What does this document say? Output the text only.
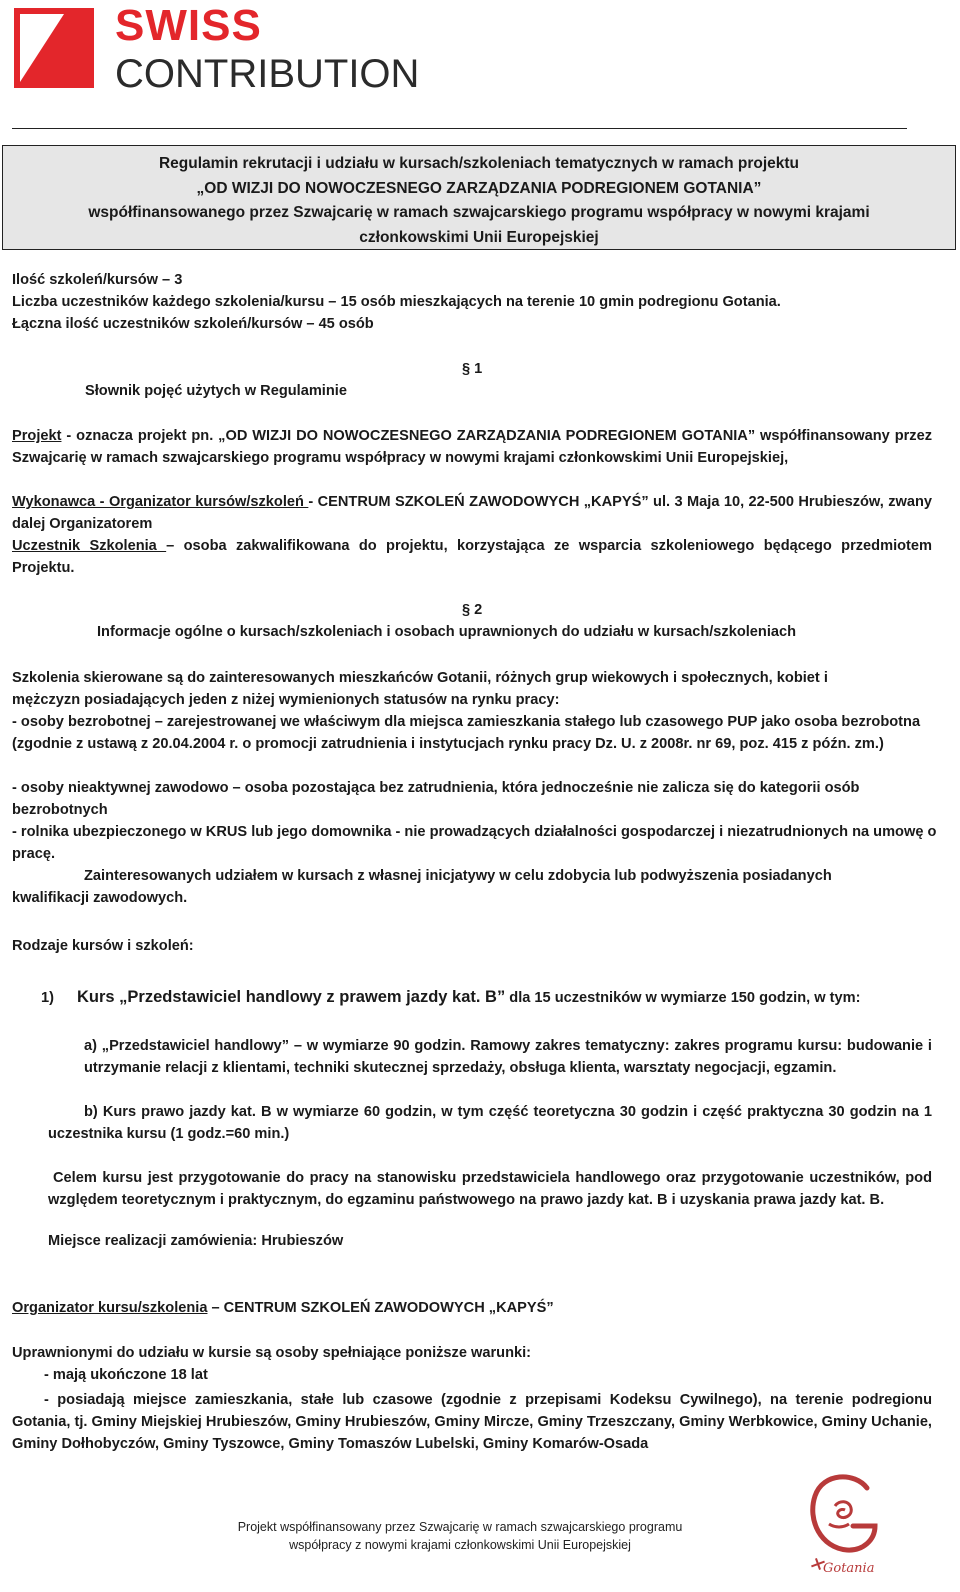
SWISS
CONTRIBUTION
Regulamin rekrutacji i udziału w kursach/szkoleniach tematycznych w ramach projektu
„OD WIZJI DO NOWOCZESNEGO ZARZĄDZANIA PODREGIONEM GOTANIA”
współfinansowanego przez Szwajcarię w ramach szwajcarskiego programu współpracy w nowymi krajami
członkowskimi Unii Europejskiej
Ilość szkoleń/kursów – 3
Liczba uczestników każdego szkolenia/kursu – 15 osób mieszkających na terenie 10 gmin podregionu Gotania.
Łączna ilość uczestników szkoleń/kursów – 45 osób
§ 1
Słownik pojęć użytych w Regulaminie
Projekt - oznacza projekt pn. „OD WIZJI DO NOWOCZESNEGO ZARZĄDZANIA PODREGIONEM GOTANIA” współfinansowany przez Szwajcarię w ramach szwajcarskiego programu współpracy w nowymi krajami członkowskimi Unii Europejskiej,
Wykonawca - Organizator kursów/szkoleń - CENTRUM SZKOLEŃ ZAWODOWYCH „KAPYŚ” ul. 3 Maja 10, 22-500 Hrubieszów, zwany dalej Organizatorem
Uczestnik Szkolenia – osoba zakwalifikowana do projektu, korzystająca ze wsparcia szkoleniowego będącego przedmiotem Projektu.
§ 2
Informacje ogólne o kursach/szkoleniach i osobach uprawnionych do udziału w kursach/szkoleniach
Szkolenia skierowane są do zainteresowanych mieszkańców Gotanii, różnych grup wiekowych i społecznych, kobiet i mężczyzn posiadających jeden z niżej wymienionych statusów na rynku pracy:
- osoby bezrobotnej – zarejestrowanej we właściwym dla miejsca zamieszkania stałego lub czasowego PUP jako osoba bezrobotna (zgodnie z ustawą z 20.04.2004 r. o promocji zatrudnienia i instytucjach rynku pracy Dz. U. z 2008r. nr 69, poz. 415 z późn. zm.)
- osoby nieaktywnej zawodowo – osoba pozostająca bez zatrudnienia, która jednocześnie nie zalicza się do kategorii osób bezrobotnych
- rolnika ubezpieczonego w KRUS lub jego domownika - nie prowadzących działalności gospodarczej i niezatrudnionych na umowę o pracę.
Zainteresowanych udziałem w kursach z własnej inicjatywy w celu zdobycia lub podwyższenia posiadanych kwalifikacji zawodowych.
Rodzaje kursów i szkoleń:
1) Kurs „Przedstawiciel handlowy z prawem jazdy kat. B” dla 15 uczestników w wymiarze 150 godzin, w tym:
a) „Przedstawiciel handlowy” – w wymiarze 90 godzin. Ramowy zakres tematyczny: zakres programu kursu: budowanie i utrzymanie relacji z klientami, techniki skutecznej sprzedaży, obsługa klienta, warsztaty negocjacji, egzamin.
b) Kurs prawo jazdy kat. B w wymiarze 60 godzin, w tym część teoretyczna 30 godzin i część praktyczna 30 godzin na 1 uczestnika kursu (1 godz.=60 min.)
Celem kursu jest przygotowanie do pracy na stanowisku przedstawiciela handlowego oraz przygotowanie uczestników, pod względem teoretycznym i praktycznym, do egzaminu państwowego na prawo jazdy kat. B i uzyskania prawa jazdy kat. B.
Miejsce realizacji zamówienia: Hrubieszów
Organizator kursu/szkolenia – CENTRUM SZKOLEŃ ZAWODOWYCH „KAPYŚ”
Uprawnionymi do udziału w kursie są osoby spełniające poniższe warunki:
- mają ukończone 18 lat
- posiadają miejsce zamieszkania, stałe lub czasowe (zgodnie z przepisami Kodeksu Cywilnego), na terenie podregionu Gotania, tj. Gminy Miejskiej Hrubieszów, Gminy Hrubieszów, Gminy Mircze, Gminy Trzeszczany, Gminy Werbkowice, Gminy Uchanie, Gminy Dołhobyczów, Gminy Tyszowce, Gminy Tomaszów Lubelski, Gminy Komarów-Osada
Projekt współfinansowany przez Szwajcarię w ramach szwajcarskiego programu
współpracy z nowymi krajami członkowskimi Unii Europejskiej
Gotania
